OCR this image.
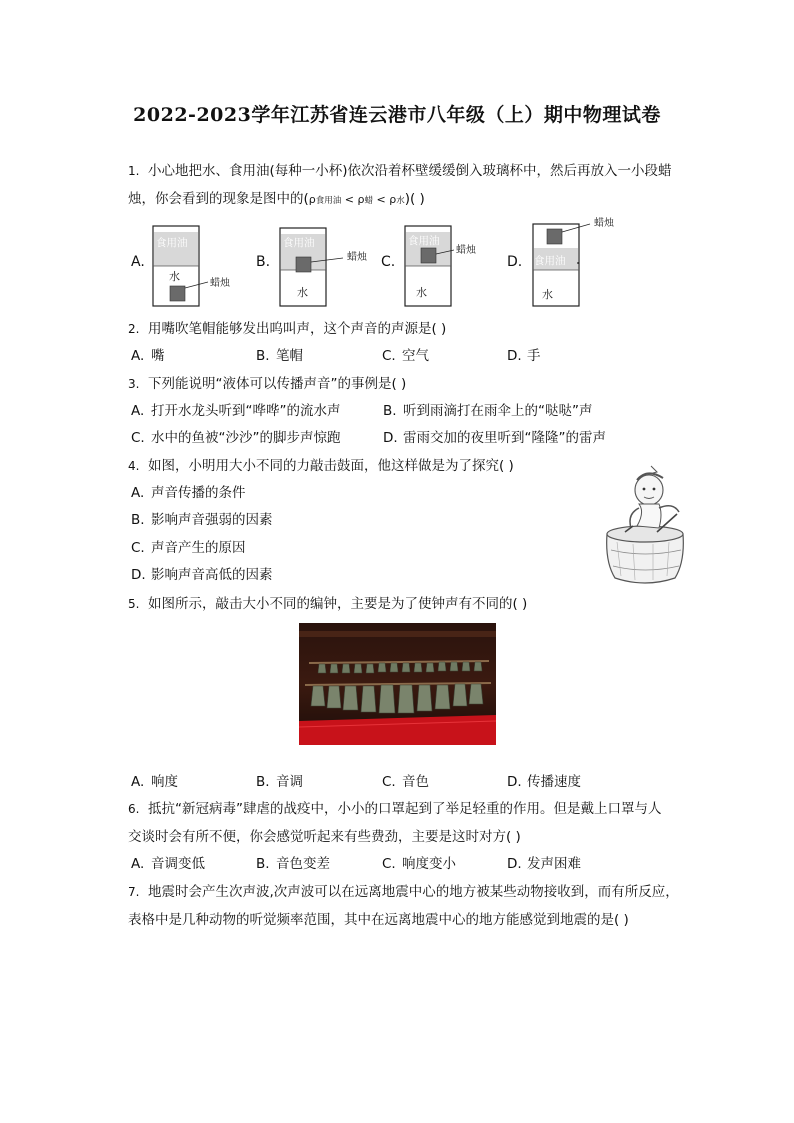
2022-2023学年江苏省连云港市八年级（上）期中物理试卷
1. 小心地把水、食用油(每种一小杯)依次沿着杯壁缓缓倒入玻璃杯中，然后再放入一小段蜡
烛，你会看到的现象是图中的(ρ食用油 < ρ蜡 < ρ水)( )
A.	B.	C.	D.
食用油
水
蜡烛
食用油
水
蜡烛
食用油
水
蜡烛
食用油
水
蜡烛
2. 用嘴吹笔帽能够发出呜叫声，这个声音的声源是( )
A. 嘴	B. 笔帽	C. 空气	D. 手
3. 下列能说明“液体可以传播声音”的事例是( )
A. 打开水龙头听到“哗哗”的流水声	B. 听到雨滴打在雨伞上的“哒哒”声
C. 水中的鱼被“沙沙”的脚步声惊跑	D. 雷雨交加的夜里听到“隆隆”的雷声
4. 如图，小明用大小不同的力敲击鼓面，他这样做是为了探究( )
A. 声音传播的条件
B. 影响声音强弱的因素
C. 声音产生的原因
D. 影响声音高低的因素
5. 如图所示，敲击大小不同的编钟，主要是为了使钟声有不同的( )
A. 响度	B. 音调	C. 音色	D. 传播速度
6. 抵抗“新冠病毒”肆虐的战疫中，小小的口罩起到了举足轻重的作用。但是戴上口罩与人
交谈时会有所不便，你会感觉听起来有些费劲，主要是这时对方( )
A. 音调变低	B. 音色变差	C. 响度变小	D. 发声困难
7. 地震时会产生次声波,次声波可以在远离地震中心的地方被某些动物接收到，而有所反应，
表格中是几种动物的听觉频率范围，其中在远离地震中心的地方能感觉到地震的是( )
